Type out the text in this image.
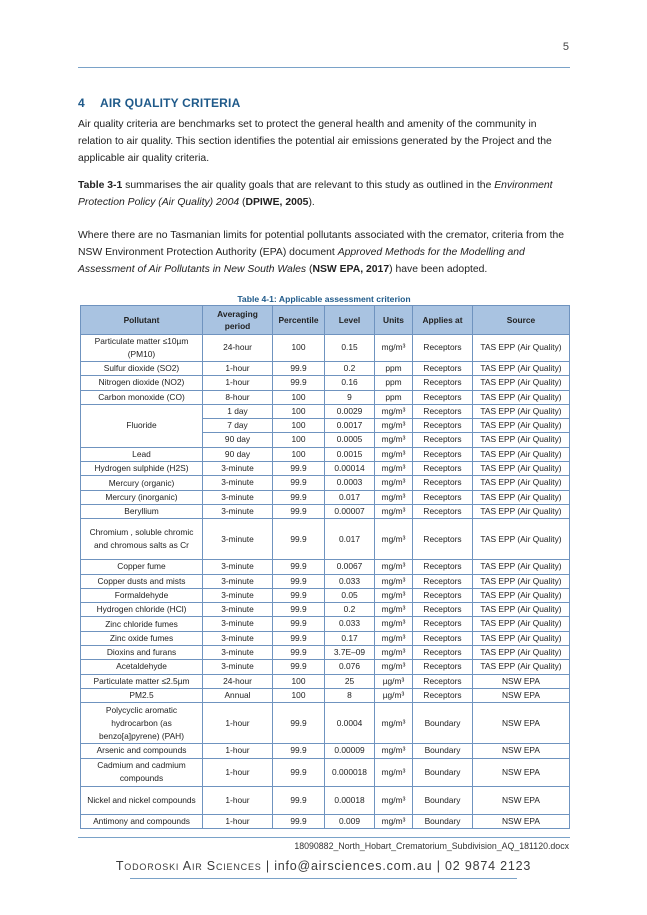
5
4 AIR QUALITY CRITERIA
Air quality criteria are benchmarks set to protect the general health and amenity of the community in relation to air quality. This section identifies the potential air emissions generated by the Project and the applicable air quality criteria.
Table 3-1 summarises the air quality goals that are relevant to this study as outlined in the Environment Protection Policy (Air Quality) 2004 (DPIWE, 2005).
Where there are no Tasmanian limits for potential pollutants associated with the cremator, criteria from the NSW Environment Protection Authority (EPA) document Approved Methods for the Modelling and Assessment of Air Pollutants in New South Wales (NSW EPA, 2017) have been adopted.
Table 4-1: Applicable assessment criterion
Pollutant	Averaging period	Percentile	Level	Units	Applies at	Source
Particulate matter ≤10µm (PM10)	24-hour	100	0.15	mg/m³	Receptors	TAS EPP (Air Quality)
Sulfur dioxide (SO2)	1-hour	99.9	0.2	ppm	Receptors	TAS EPP (Air Quality)
Nitrogen dioxide (NO2)	1-hour	99.9	0.16	ppm	Receptors	TAS EPP (Air Quality)
Carbon monoxide (CO)	8-hour	100	9	ppm	Receptors	TAS EPP (Air Quality)
Fluoride	1 day	100	0.0029	mg/m³	Receptors	TAS EPP (Air Quality)
	7 day	100	0.0017	mg/m³	Receptors	TAS EPP (Air Quality)
	90 day	100	0.0005	mg/m³	Receptors	TAS EPP (Air Quality)
Lead	90 day	100	0.0015	mg/m³	Receptors	TAS EPP (Air Quality)
Hydrogen sulphide (H2S)	3-minute	99.9	0.00014	mg/m³	Receptors	TAS EPP (Air Quality)
Mercury (organic)	3-minute	99.9	0.0003	mg/m³	Receptors	TAS EPP (Air Quality)
Mercury (inorganic)	3-minute	99.9	0.017	mg/m³	Receptors	TAS EPP (Air Quality)
Beryllium	3-minute	99.9	0.00007	mg/m³	Receptors	TAS EPP (Air Quality)
Chromium , soluble chromic and chromous salts as Cr	3-minute	99.9	0.017	mg/m³	Receptors	TAS EPP (Air Quality)
Copper fume	3-minute	99.9	0.0067	mg/m³	Receptors	TAS EPP (Air Quality)
Copper dusts and mists	3-minute	99.9	0.033	mg/m³	Receptors	TAS EPP (Air Quality)
Formaldehyde	3-minute	99.9	0.05	mg/m³	Receptors	TAS EPP (Air Quality)
Hydrogen chloride (HCl)	3-minute	99.9	0.2	mg/m³	Receptors	TAS EPP (Air Quality)
Zinc chloride fumes	3-minute	99.9	0.033	mg/m³	Receptors	TAS EPP (Air Quality)
Zinc oxide fumes	3-minute	99.9	0.17	mg/m³	Receptors	TAS EPP (Air Quality)
Dioxins and furans	3-minute	99.9	3.7E–09	mg/m³	Receptors	TAS EPP (Air Quality)
Acetaldehyde	3-minute	99.9	0.076	mg/m³	Receptors	TAS EPP (Air Quality)
Particulate matter ≤2.5µm	24-hour	100	25	µg/m³	Receptors	NSW EPA
PM2.5	Annual	100	8	µg/m³	Receptors	NSW EPA
Polycyclic aromatic hydrocarbon (as benzo[a]pyrene) (PAH)	1-hour	99.9	0.0004	mg/m³	Boundary	NSW EPA
Arsenic and compounds	1-hour	99.9	0.00009	mg/m³	Boundary	NSW EPA
Cadmium and cadmium compounds	1-hour	99.9	0.000018	mg/m³	Boundary	NSW EPA
Nickel and nickel compounds	1-hour	99.9	0.00018	mg/m³	Boundary	NSW EPA
Antimony and compounds	1-hour	99.9	0.009	mg/m³	Boundary	NSW EPA
18090882_North_Hobart_Crematorium_Subdivision_AQ_181120.docx
Todoroski Air Sciences | info@airsciences.com.au | 02 9874 2123
